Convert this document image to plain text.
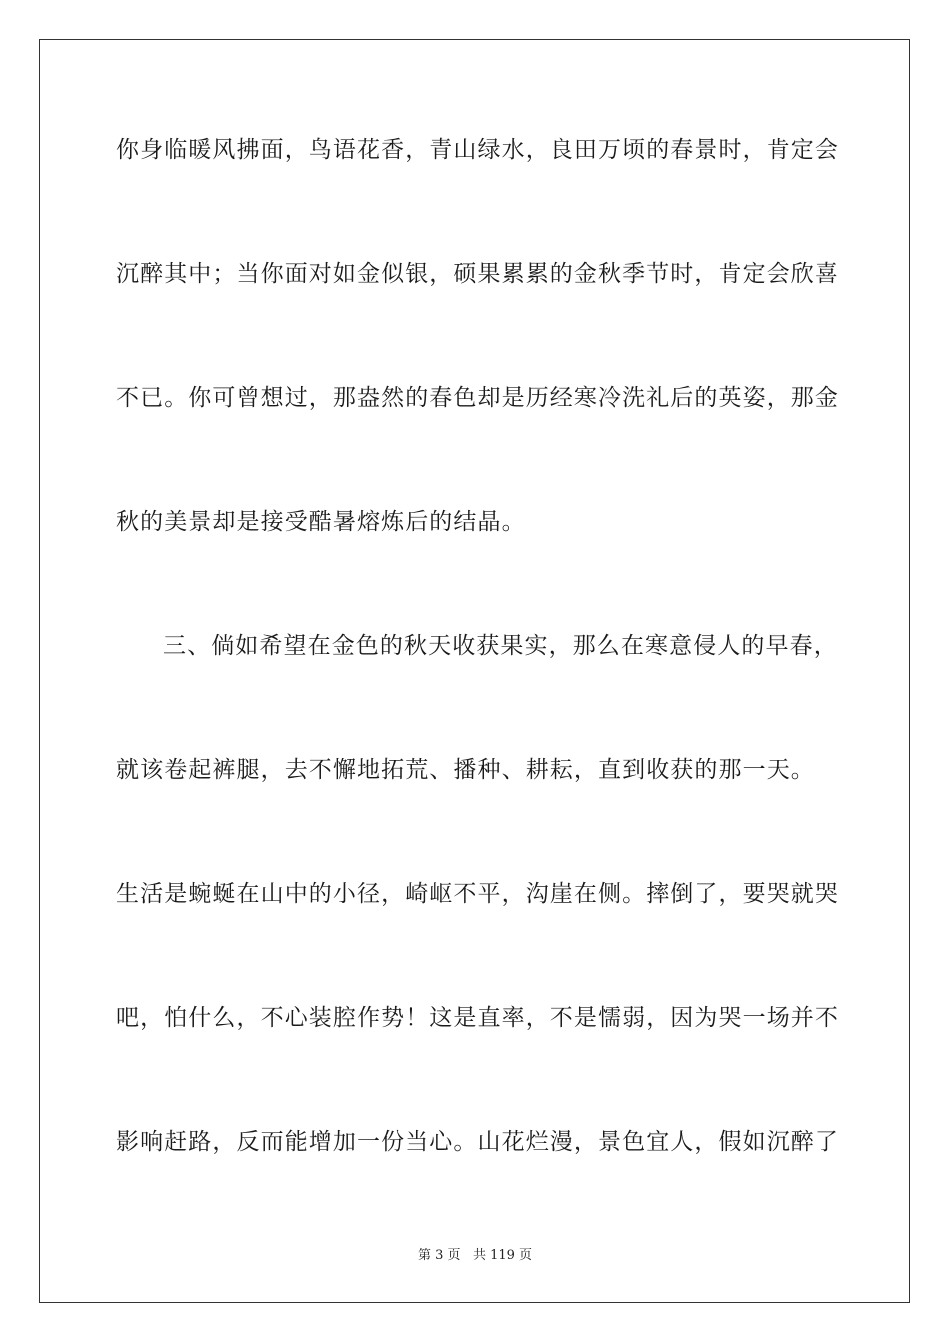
你身临暖风拂面，鸟语花香，青山绿水，良田万顷的春景时，肯定会
沉醉其中；当你面对如金似银，硕果累累的金秋季节时，肯定会欣喜
不已。你可曾想过，那盎然的春色却是历经寒冷洗礼后的英姿，那金
秋的美景却是接受酷暑熔炼后的结晶。
三、倘如希望在金色的秋天收获果实，那么在寒意侵人的早春，
就该卷起裤腿，去不懈地拓荒、播种、耕耘，直到收获的那一天。
生活是蜿蜒在山中的小径，崎岖不平，沟崖在侧。摔倒了，要哭就哭
吧，怕什么，不心装腔作势！这是直率，不是懦弱，因为哭一场并不
影响赶路，反而能增加一份当心。山花烂漫，景色宜人，假如沉醉了
第 3 页 共 119 页
